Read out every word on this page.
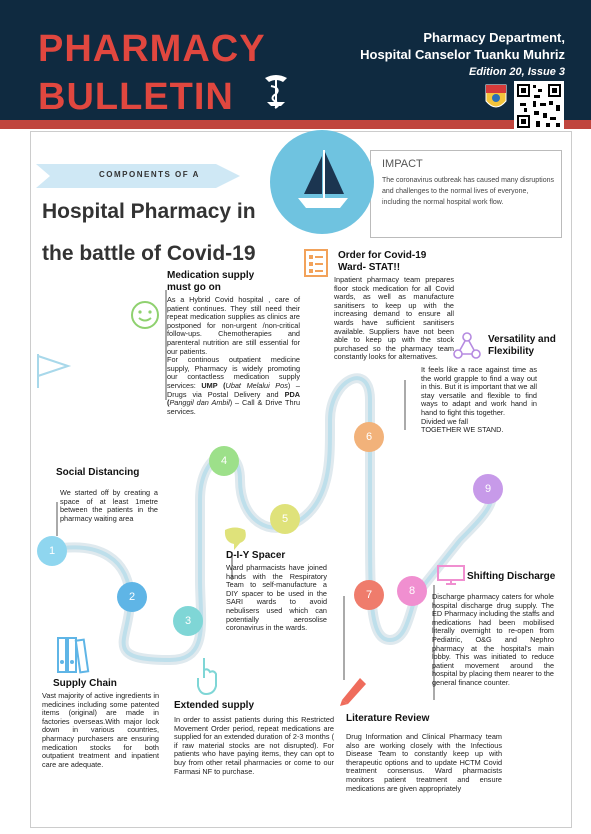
PHARMACY
BULLETIN
Pharmacy Department,
Hospital Canselor Tuanku Muhriz
Edition 20, Issue 3
COMPONENTS OF A
Hospital Pharmacy in
the battle of Covid-19
IMPACT
The coronavirus outbreak has caused many disruptions and challenges to the normal lives of everyone, including the normal hospital work flow.
1
2
3
4
5
6
7	8
9
Medication supply
must go on
As a Hybrid Covid hospital , care of patient continues. They still need their repeat medication supplies as clinics are postponed for non-urgent /non-critical follow-ups. Chemotherapies and parenteral nutrition are still essential for our patients.
For continous outpatient medicine supply, Pharmacy is widely promoting our contactless medication supply services: UMP (Ubat Melalui Pos) – Drugs via Postal Delivery and PDA (Panggil dan Ambil) – Call & Drive Thru services.
Order for Covid-19
Ward- STAT!!
Inpatient pharmacy team prepares floor stock medication for all Covid wards, as well as manufacture sanitisers to keep up with the increasing demand to ensure all wards have sufficient sanitisers available. Suppliers have not been able to keep up with the stock purchased so the pharmacy team constantly looks for alternatives.
Versatility and
Flexibility
It feels like a race against time as the world grapple to find a way out in this. But it is important that we all stay versatile and flexible to find ways to adapt and work hand in hand to fight this together.
Divided we fall
TOGETHER WE STAND.
Social Distancing
We started off by creating a space of at least 1metre between the patients in the pharmacy waiting area
D-I-Y Spacer
Ward pharmacists have joined hands with the Respiratory Team to self-manufacture a DIY spacer to be used in the SARI wards to avoid nebulisers used which can potentially aerosolise coronavirus in the wards.
Shifting Discharge
Discharge pharmacy caters for whole hospital discharge drug supply. The ED Pharmacy including the staffs and medications had been mobilised literally overnight to re-open from Pediatric, O&G and Nephro pharmacy at the hospital's main lobby. This was initiated to reduce patient movement around the hospital by placing them nearer to the general finance counter.
Supply Chain
Vast majority of active ingredients in medicines including some patented items (original) are made in factories overseas.With major lock down in various countries, pharmacy purchasers are ensuring medication stocks for both outpatient treatment and inpatient care are adequate.
Extended supply
In order to assist patients during this Restricted Movement Order period, repeat medications are supplied for an extended duration of 2-3 months ( if raw material stocks are not disrupted). For patients who have paying items, they can opt to buy from other retail pharmacies or come to our Farmasi NF to purchase.
Literature Review
Drug Information and Clinical Pharmacy team also are working closely with the Infectious Disease Team to constantly keep up with therapeutic options and to update HCTM Covid treatment consensus. Ward pharmacists monitors patient treatment and ensure medications are given appropriately
